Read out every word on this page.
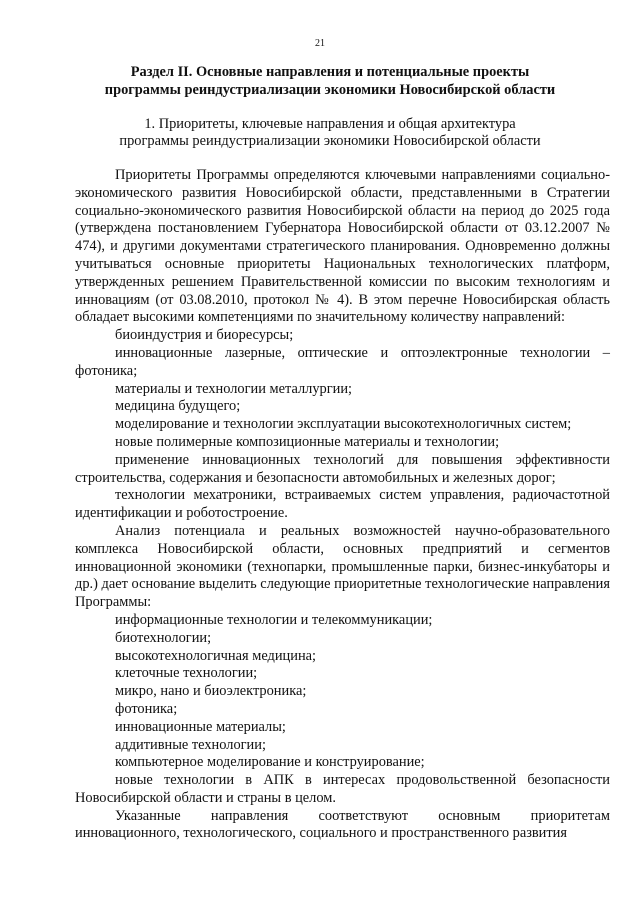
21
Раздел II. Основные направления и потенциальные проекты
программы реиндустриализации экономики Новосибирской области
1. Приоритеты, ключевые направления и общая архитектура
программы реиндустриализации экономики Новосибирской области

Приоритеты Программы определяются ключевыми направлениями социально-экономического развития Новосибирской области, представленными в Стратегии социально-экономического развития Новосибирской области на период до 2025 года (утверждена постановлением Губернатора Новосибирской области от 03.12.2007 № 474), и другими документами стратегического планирования. Одновременно должны учитываться основные приоритеты Национальных технологических платформ, утвержденных решением Правительственной комиссии по высоким технологиям и инновациям (от 03.08.2010, протокол № 4). В этом перечне Новосибирская область обладает высокими компетенциями по значительному количеству направлений:

биоиндустрия и биоресурсы;

инновационные лазерные, оптические и оптоэлектронные технологии – фотоника;

материалы и технологии металлургии;

медицина будущего;

моделирование и технологии эксплуатации высокотехнологичных систем;

новые полимерные композиционные материалы и технологии;

применение инновационных технологий для повышения эффективности строительства, содержания и безопасности автомобильных и железных дорог;

технологии мехатроники, встраиваемых систем управления, радиочастотной идентификации и роботостроение.

Анализ потенциала и реальных возможностей научно-образовательного комплекса Новосибирской области, основных предприятий и сегментов инновационной экономики (технопарки, промышленные парки, бизнес-инкубаторы и др.) дает основание выделить следующие приоритетные технологические направления Программы:

информационные технологии и телекоммуникации;

биотехнологии;

высокотехнологичная медицина;

клеточные технологии;

микро, нано и биоэлектроника;

фотоника;

инновационные материалы;

аддитивные технологии;

компьютерное моделирование и конструирование;

новые технологии в АПК в интересах продовольственной безопасности Новосибирской области и страны в целом.

Указанные направления соответствуют основным приоритетам инновационного, технологического, социального и пространственного развития
